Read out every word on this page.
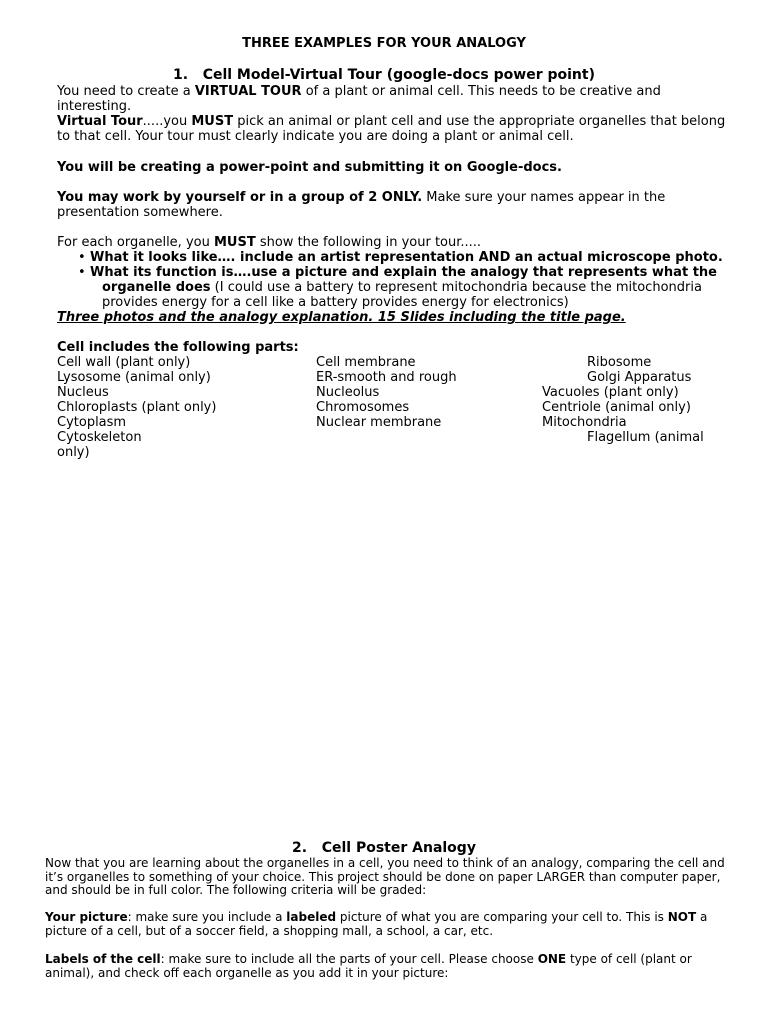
THREE EXAMPLES FOR YOUR ANALOGY
1. Cell Model-Virtual Tour (google-docs power point)
You need to create a VIRTUAL TOUR of a plant or animal cell. This needs to be creative and interesting.
Virtual Tour.....you MUST pick an animal or plant cell and use the appropriate organelles that belong to that cell. Your tour must clearly indicate you are doing a plant or animal cell.
You will be creating a power-point and submitting it on Google-docs.
You may work by yourself or in a group of 2 ONLY. Make sure your names appear in the presentation somewhere.
For each organelle, you MUST show the following in your tour.....
• What it looks like…. include an artist representation AND an actual microscope photo.
• What its function is….use a picture and explain the analogy that represents what the organelle does (I could use a battery to represent mitochondria because the mitochondria provides energy for a cell like a battery provides energy for electronics)
Three photos and the analogy explanation. 15 Slides including the title page.
Cell includes the following parts:
Cell wall (plant only)
Lysosome (animal only)
Nucleus
Chloroplasts (plant only)
Cytoplasm
Cytoskeleton
only)
Cell membrane
ER-smooth and rough
Nucleolus
Chromosomes
Nuclear membrane
Ribosome
Golgi Apparatus
Vacuoles (plant only)
Centriole (animal only)
Mitochondria
Flagellum (animal
2. Cell Poster Analogy
Now that you are learning about the organelles in a cell, you need to think of an analogy, comparing the cell and it’s organelles to something of your choice. This project should be done on paper LARGER than computer paper, and should be in full color. The following criteria will be graded:
Your picture: make sure you include a labeled picture of what you are comparing your cell to. This is NOT a picture of a cell, but of a soccer field, a shopping mall, a school, a car, etc.
Labels of the cell: make sure to include all the parts of your cell. Please choose ONE type of cell (plant or animal), and check off each organelle as you add it in your picture:
